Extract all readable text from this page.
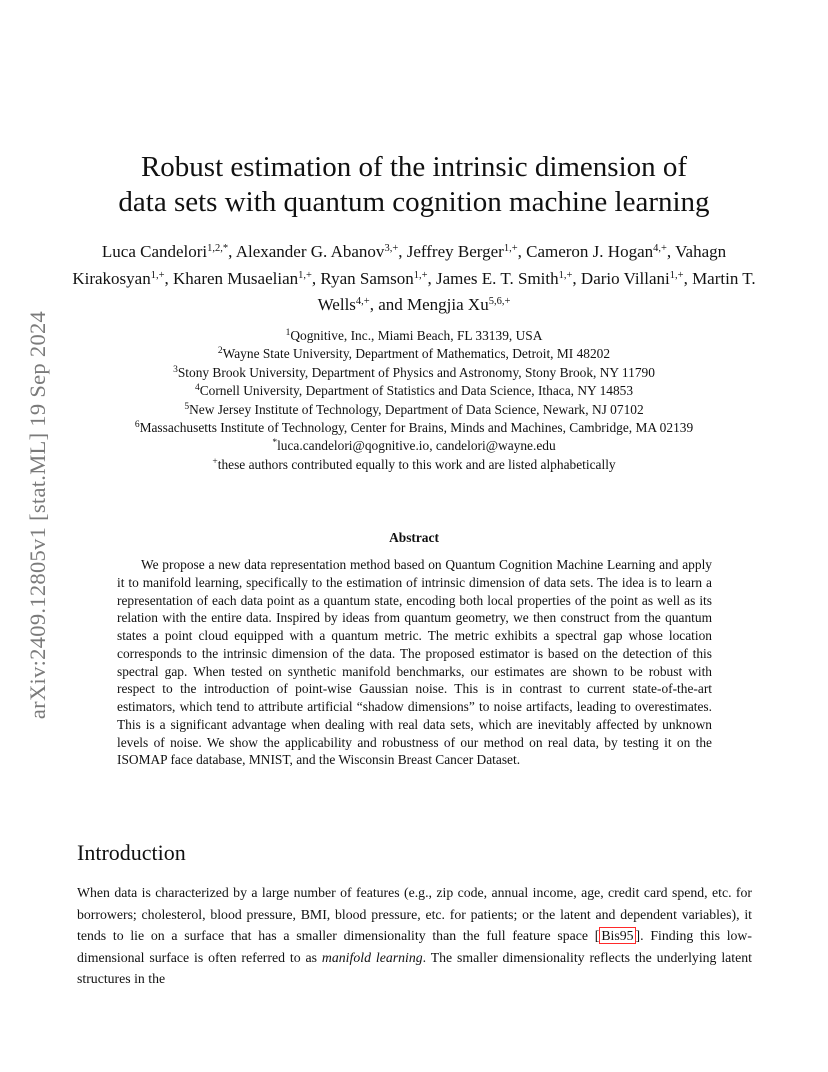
arXiv:2409.12805v1 [stat.ML] 19 Sep 2024
Robust estimation of the intrinsic dimension of
data sets with quantum cognition machine learning
Luca Candelori$^{1,2,*}$, Alexander G. Abanov$^{3,+}$, Jeffrey Berger$^{1,+}$, Cameron J. Hogan$^{4,+}$, Vahagn Kirakosyan$^{1,+}$, Kharen Musaelian$^{1,+}$, Ryan Samson$^{1,+}$, James E. T. Smith$^{1,+}$, Dario Villani$^{1,+}$, Martin T. Wells$^{4,+}$, and Mengjia $Xu^{5,6,+}$
$^1$Qognitive, Inc., Miami Beach, FL 33139, USA
$^2$Wayne State University, Department of Mathematics, Detroit, MI 48202
$^3$Stony Brook University, Department of Physics and Astronomy, Stony Brook, NY 11790
$^4$Cornell University, Department of Statistics and Data Science, Ithaca, NY 14853
$^5$New Jersey Institute of Technology, Department of Data Science, Newark, NJ 07102
$^6$Massachusetts Institute of Technology, Center for Brains, Minds and Machines, Cambridge, MA 02139
*luca.candelori@qognitive.io, candelori@wayne.edu
+these authors contributed equally to this work and are listed alphabetically
Abstract
We propose a new data representation method based on Quantum Cognition Machine Learning and apply it to manifold learning, specifically to the estimation of intrinsic dimension of data sets. The idea is to learn a representation of each data point as a quantum state, encoding both local properties of the point as well as its relation with the entire data. Inspired by ideas from quantum geometry, we then construct from the quantum states a point cloud equipped with a quantum metric. The metric exhibits a spectral gap whose location corresponds to the intrinsic dimension of the data. The proposed estimator is based on the detection of this spectral gap. When tested on synthetic manifold benchmarks, our estimates are shown to be robust with respect to the introduction of point-wise Gaussian noise. This is in contrast to current state-of-the-art estimators, which tend to attribute artificial “shadow dimensions” to noise artifacts, leading to overestimates. This is a significant advantage when dealing with real data sets, which are inevitably affected by unknown levels of noise. We show the applicability and robustness of our method on real data, by testing it on the ISOMAP face database, MNIST, and the Wisconsin Breast Cancer Dataset.
Introduction
When data is characterized by a large number of features (e.g., zip code, annual income, age, credit card spend, etc. for borrowers; cholesterol, blood pressure, BMI, blood pressure, etc. for patients; or the latent and dependent variables), it tends to lie on a surface that has a smaller dimensionality than the full feature space [ Bis95 ]. Finding this low-dimensional surface is often referred to as manifold learning. The smaller dimensionality reflects the underlying latent structures in the
